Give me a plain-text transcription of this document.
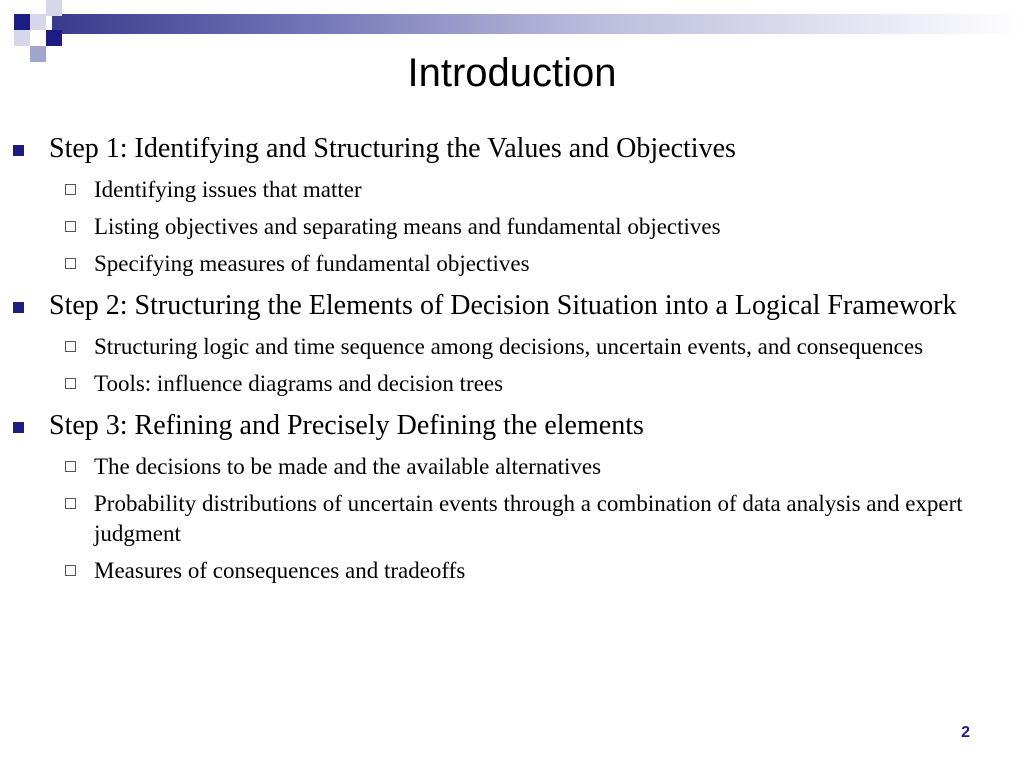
Introduction
Step 1: Identifying and Structuring the Values and Objectives
Identifying issues that matter
Listing objectives and separating means and fundamental objectives
Specifying measures of fundamental objectives
Step 2: Structuring the Elements of Decision Situation into a Logical Framework
Structuring logic and time sequence among decisions, uncertain events, and consequences
Tools: influence diagrams and decision trees
Step 3: Refining and Precisely Defining the elements
The decisions to be made and the available alternatives
Probability distributions of uncertain events through a combination of data analysis and expert judgment
Measures of consequences and tradeoffs
2
